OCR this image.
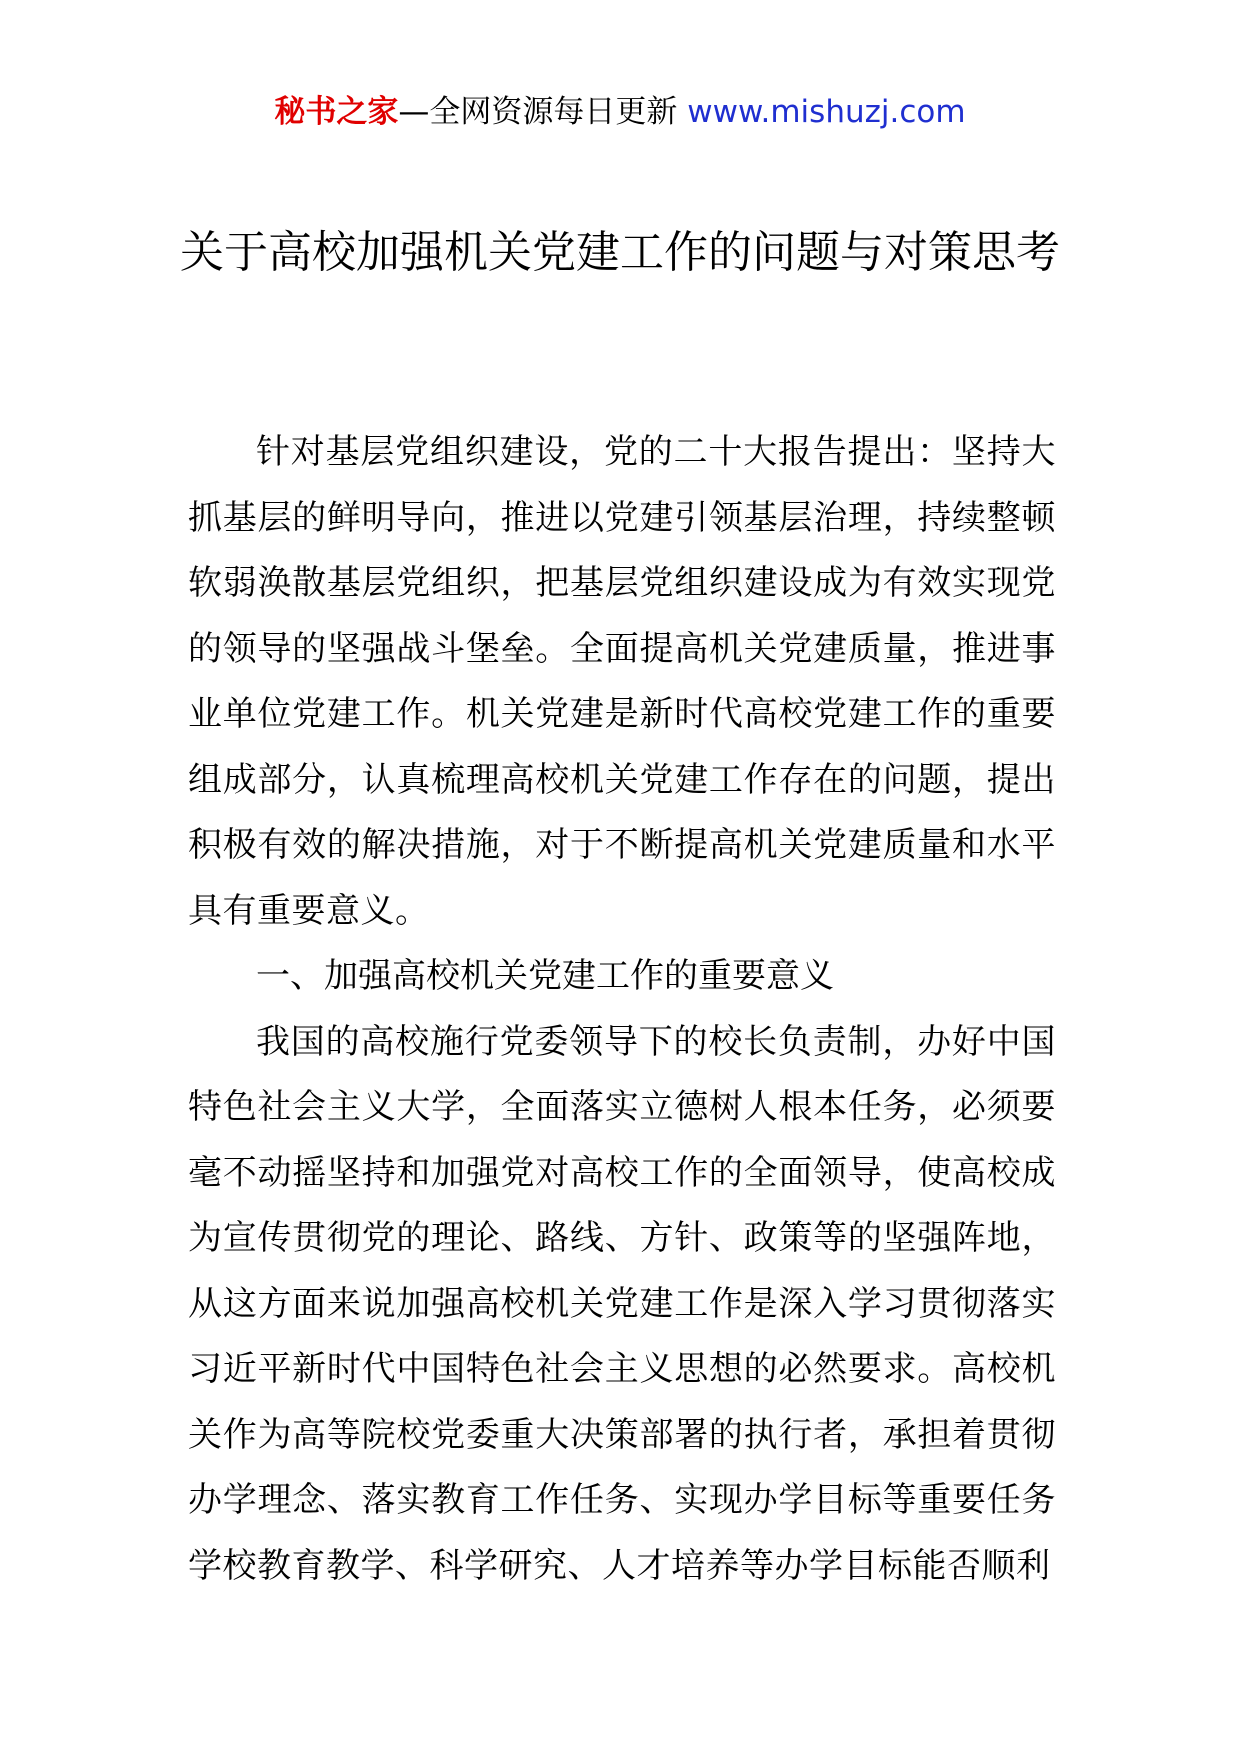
秘书之家—全网资源每日更新 www.mishuzj.com
关于高校加强机关党建工作的问题与对策思考

针对基层党组织建设，党的二十大报告提出：坚持大抓基层的鲜明导向，推进以党建引领基层治理，持续整顿软弱涣散基层党组织，把基层党组织建设成为有效实现党的领导的坚强战斗堡垒。全面提高机关党建质量，推进事业单位党建工作。机关党建是新时代高校党建工作的重要组成部分，认真梳理高校机关党建工作存在的问题，提出积极有效的解决措施，对于不断提高机关党建质量和水平具有重要意义。

一、加强高校机关党建工作的重要意义

我国的高校施行党委领导下的校长负责制，办好中国特色社会主义大学，全面落实立德树人根本任务，必须要毫不动摇坚持和加强党对高校工作的全面领导，使高校成为宣传贯彻党的理论、路线、方针、政策等的坚强阵地，从这方面来说加强高校机关党建工作是深入学习贯彻落实习近平新时代中国特色社会主义思想的必然要求。高校机关作为高等院校党委重大决策部署的执行者，承担着贯彻办学理念、落实教育工作任务、实现办学目标等重要任务学校教育教学、科学研究、人才培养等办学目标能否顺利
